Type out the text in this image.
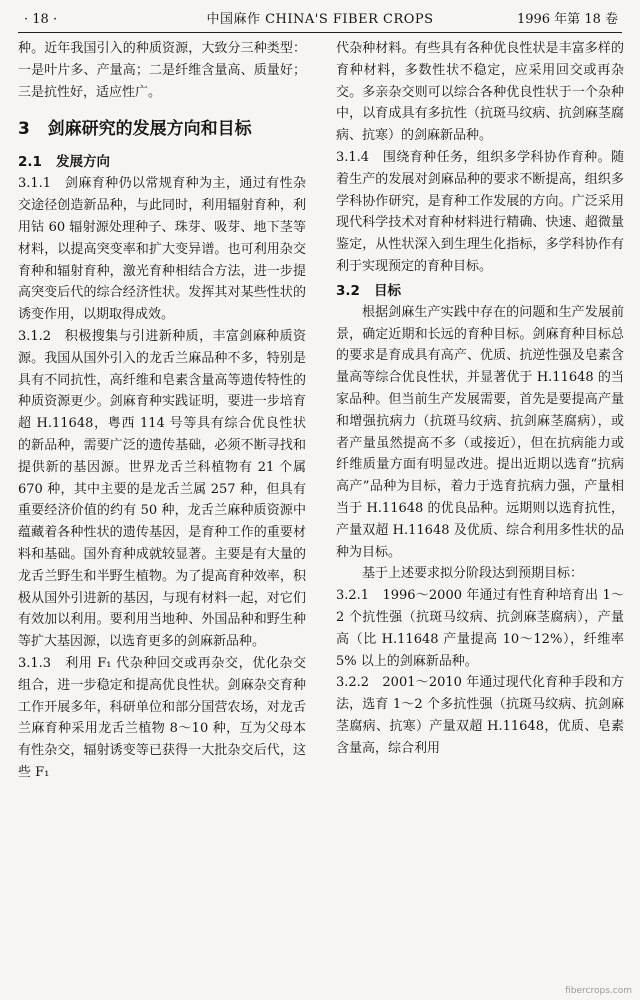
· 18 ·	中国麻作 CHINA'S FIBER CROPS	1996 年第 18 卷

种。近年我国引入的种质资源，大致分三种类型：一是叶片多、产量高；二是纤维含量高、质量好；三是抗性好，适应性广。

3 剑麻研究的发展方向和目标
2.1 发展方向

3.1.1　剑麻育种仍以常规育种为主，通过有性杂交途径创造新品种，与此同时，利用辐射育种，利用钴 60 辐射源处理种子、珠芽、吸芽、地下茎等材料，以提高突变率和扩大变异谱。也可利用杂交育种和辐射育种，激光育种相结合方法，进一步提高突变后代的综合经济性状。发挥其对某些性状的诱变作用，以期取得成效。

3.1.2　积极搜集与引进新种质，丰富剑麻种质资源。我国从国外引入的龙舌兰麻品种不多，特别是具有不同抗性，高纤维和皂素含量高等遗传特性的种质资源更少。剑麻育种实践证明，要进一步培育超 H.11648，粤西 114 号等具有综合优良性状的新品种，需要广泛的遗传基础，必须不断寻找和提供新的基因源。世界龙舌兰科植物有 21 个属 670 种，其中主要的是龙舌兰属 257 种，但具有重要经济价值的约有 50 种，龙舌兰麻种质资源中蕴藏着各种性状的遗传基因，是育种工作的重要材料和基础。国外育种成就较显著。主要是有大量的龙舌兰野生和半野生植物。为了提高育种效率，积极从国外引进新的基因，与现有材料一起，对它们有效加以利用。要利用当地种、外国品种和野生种等扩大基因源，以选育更多的剑麻新品种。

3.1.3　利用 F₁ 代杂种回交或再杂交，优化杂交组合，进一步稳定和提高优良性状。剑麻杂交育种工作开展多年，科研单位和部分国营农场，对龙舌兰麻育种采用龙舌兰植物 8～10 种，互为父母本有性杂交，辐射诱变等已获得一大批杂交后代，这些 F₁

代杂种材料。有些具有各种优良性状是丰富多样的育种材料，多数性状不稳定，应采用回交或再杂交。多亲杂交则可以综合各种优良性状于一个杂种中，以育成具有多抗性（抗斑马纹病、抗剑麻茎腐病、抗寒）的剑麻新品种。

3.1.4　围绕育种任务，组织多学科协作育种。随着生产的发展对剑麻品种的要求不断提高，组织多学科协作研究，是育种工作发展的方向。广泛采用现代科学技术对育种材料进行精确、快速、超微量鉴定，从性状深入到生理生化指标，多学科协作有利于实现预定的育种目标。

3.2 目标

根据剑麻生产实践中存在的问题和生产发展前景，确定近期和长远的育种目标。剑麻育种目标总的要求是育成具有高产、优质、抗逆性强及皂素含量高等综合优良性状，并显著优于 H.11648 的当家品种。但当前生产发展需要，首先是要提高产量和增强抗病力（抗斑马纹病、抗剑麻茎腐病），或者产量虽然提高不多（或接近），但在抗病能力或纤维质量方面有明显改进。提出近期以选育“抗病高产”品种为目标，着力于选育抗病力强，产量相当于 H.11648 的优良品种。远期则以选育抗性，产量双超 H.11648 及优质、综合利用多性状的品种为目标。

基于上述要求拟分阶段达到预期目标：

3.2.1　1996～2000 年通过有性育种培育出 1～2 个抗性强（抗斑马纹病、抗剑麻茎腐病），产量高（比 H.11648 产量提高 10～12%），纤维率 5% 以上的剑麻新品种。

3.2.2　2001～2010 年通过现代化育种手段和方法，选育 1～2 个多抗性强（抗斑马纹病、抗剑麻茎腐病、抗寒）产量双超 H.11648，优质、皂素含量高，综合利用

fibercrops.com
